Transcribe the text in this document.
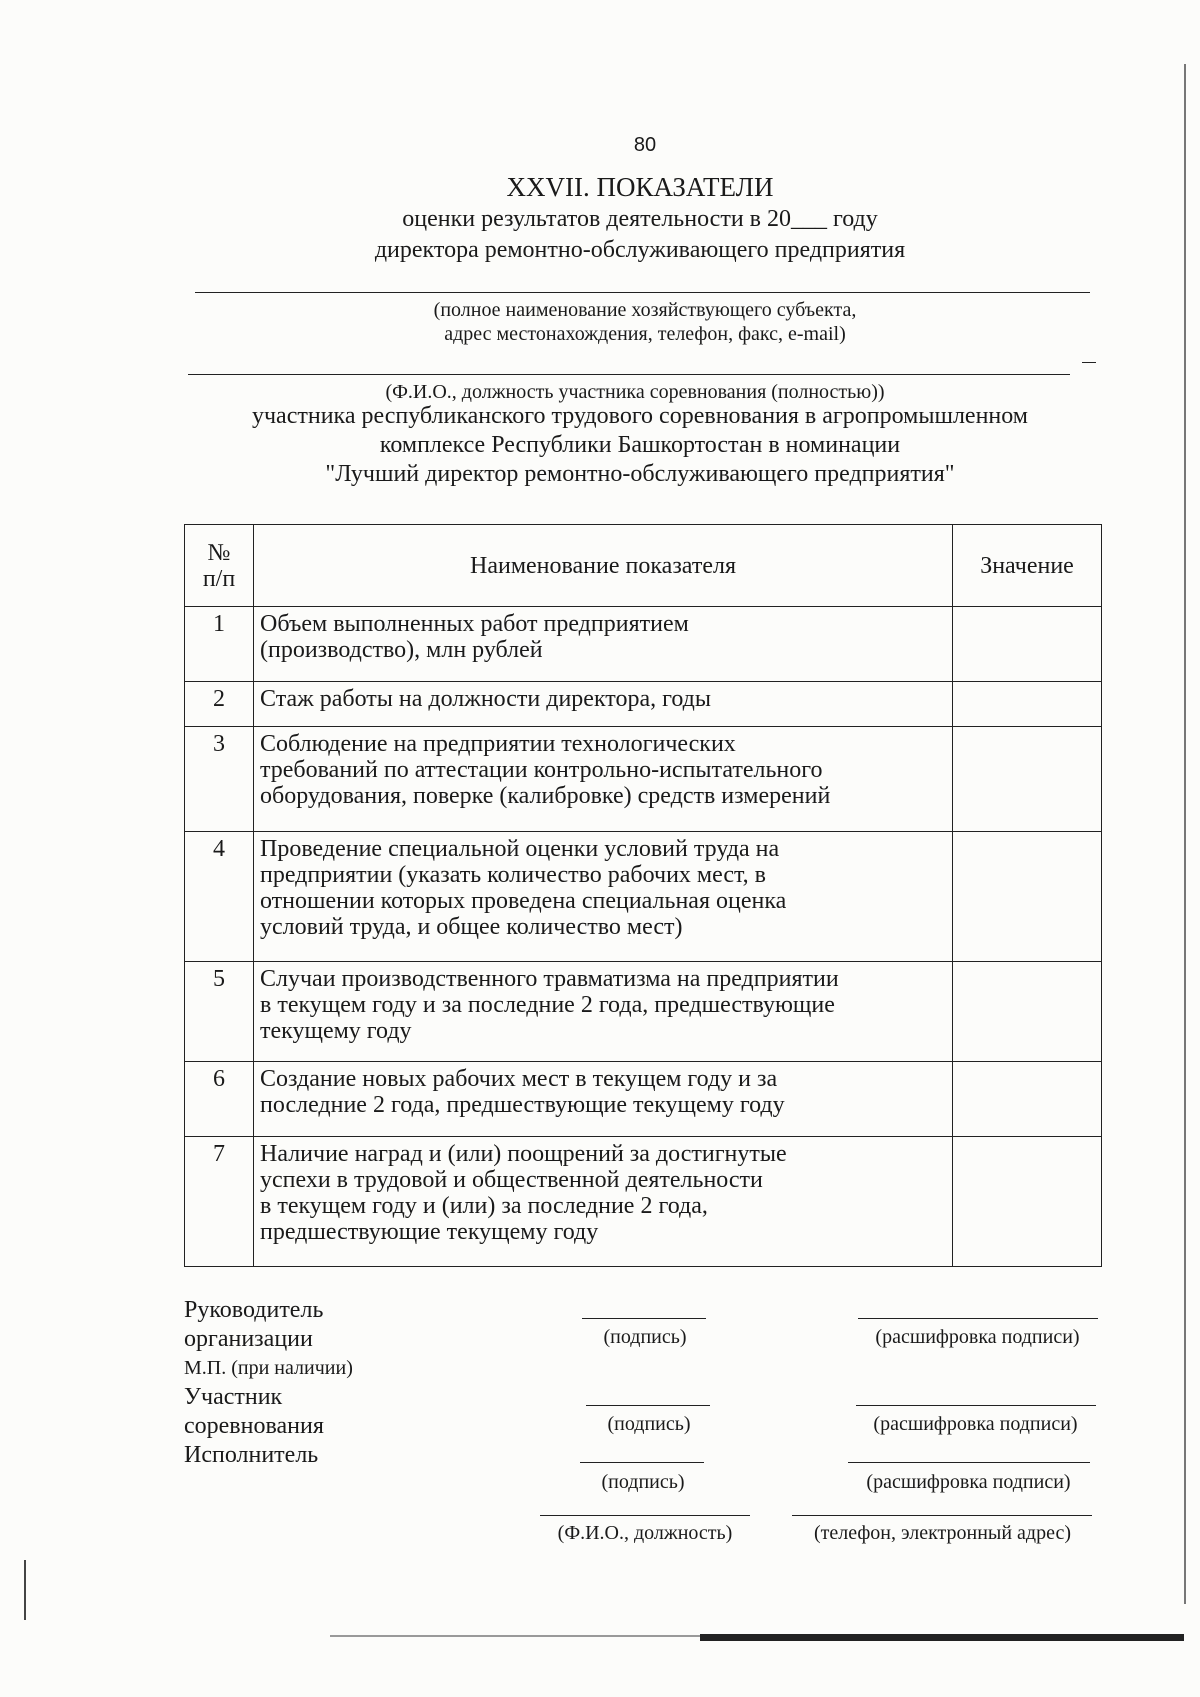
80
XXVII. ПОКАЗАТЕЛИ
оценки результатов деятельности в 20___ году
директора ремонтно-обслуживающего предприятия
(полное наименование хозяйствующего субъекта,
адрес местонахождения, телефон, факс, e-mail)
(Ф.И.О., должность участника соревнования (полностью))
участника республиканского трудового соревнования в агропромышленном
комплексе Республики Башкортостан в номинации
"Лучший директор ремонтно-обслуживающего предприятия"
№
п/п	Наименование показателя	Значение
1	Объем выполненных работ предприятием
(производство), млн рублей	

2	Стаж работы на должности директора, годы	

3	Соблюдение на предприятии технологических
требований по аттестации контрольно-испытательного
оборудования, поверке (калибровке) средств измерений	

4	Проведение специальной оценки условий труда на
предприятии (указать количество рабочих мест, в
отношении которых проведена специальная оценка
условий труда, и общее количество мест)	

5	Случаи производственного травматизма на предприятии
в текущем году и за последние 2 года, предшествующие
текущему году	

6	Создание новых рабочих мест в текущем году и за
последние 2 года, предшествующие текущему году	

7	Наличие наград и (или) поощрений за достигнутые
успехи в трудовой и общественной деятельности
в текущем году и (или) за последние 2 года,
предшествующие текущему году	

Руководитель
организации
М.П. (при наличии)
Участник
соревнования
Исполнитель
(подпись)	(расшифровка подписи)
(подпись)	(расшифровка подписи)
(подпись)	(расшифровка подписи)
(Ф.И.О., должность)	(телефон, электронный адрес)
